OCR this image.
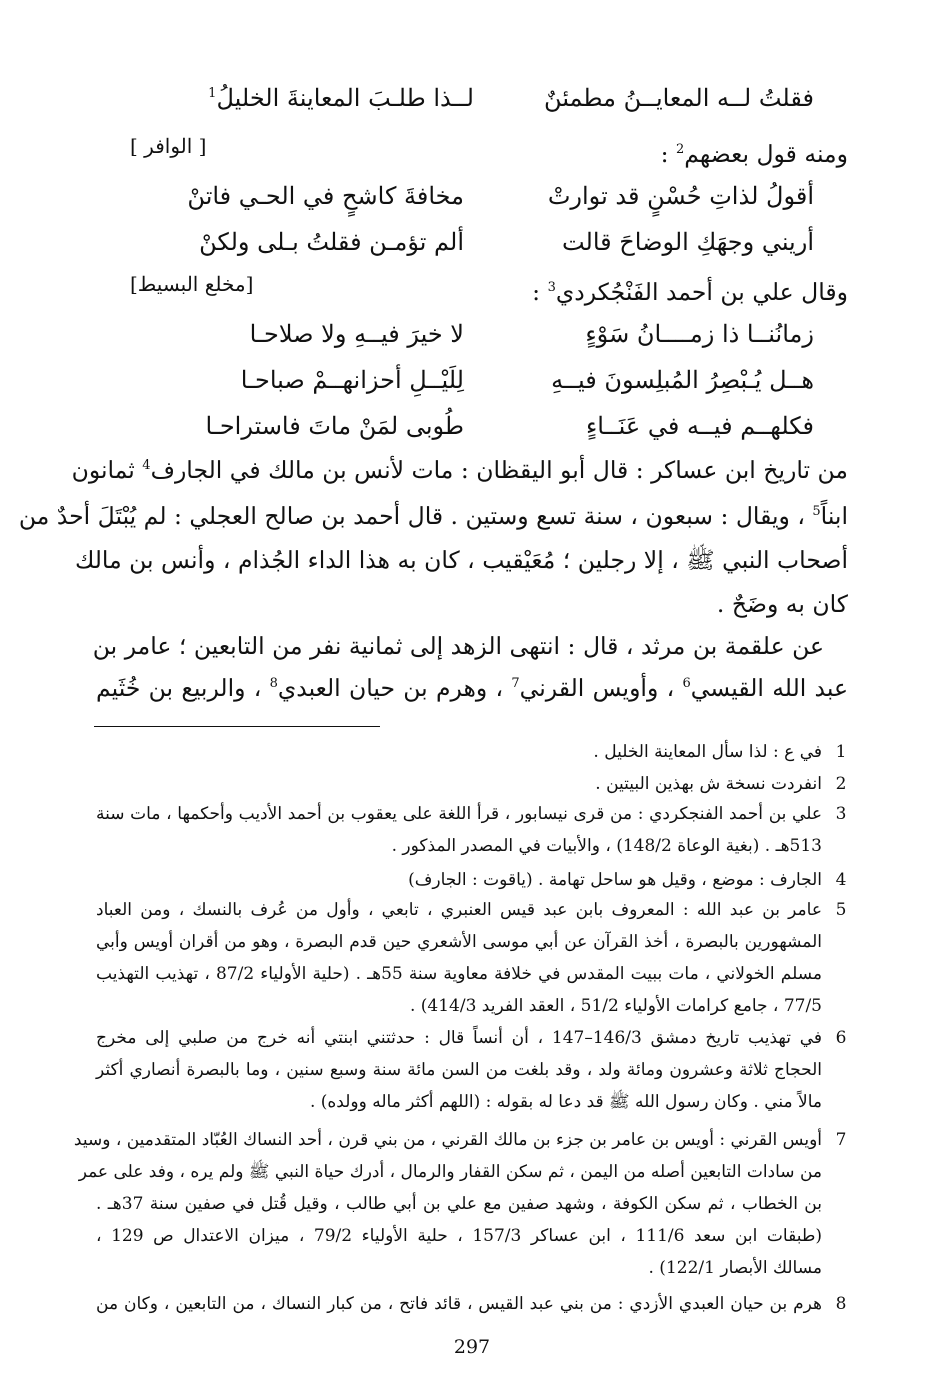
فقلتُ لــه المعايــنُ مطمئنٌ
لــذا طلـبَ المعاينةَ الخليلُ$^1$
ومنه قول بعضهم$^2$ :
[ الوافر ]
أقولُ لذاتِ حُسْنٍ قد توارتْ
مخافةَ كاشحٍ في الحـي فاتنْ
أريني وجهَكِ الوضاحَ قالت
ألم تؤمـن فقلتُ بـلى ولكنْ
وقال علي بن أحمد الفَنْجُكردي$^3$ :
[مخلع البسيط]
زمانُنــا ذا زمــــانُ سَوْءٍ
لا خيرَ فيــهِ ولا صلاحـا
هــل يُـبْصِرُ المُبلِسونَ فيــهِ
لِلَيْــلِ أحزانهــمْ صباحـا
فكلهــم فيــه في عَنَــاءٍ
طُوبى لمَنْ ماتَ فاستراحـا
من تاريخ ابن عساكر : قال أبو اليقظان : مات لأنس بن مالك في الجارف$^4$ ثمانون
ابناً$^5$ ، ويقال : سبعون ، سنة تسع وستين . قال أحمد بن صالح العجلي : لم يُبْتَلَ أحدٌ من
أصحاب النبي ﷺ ، إلا رجلين ؛ مُعَيْقيب ، كان به هذا الداء الجُذام ، وأنس بن مالك
كان به وضَحٌ .
عن علقمة بن مرثد ، قال : انتهى الزهد إلى ثمانية نفر من التابعين ؛ عامر بن
عبد الله القيسي$^6$ ، وأويس القرني$^7$ ، وهرم بن حيان العبدي$^8$ ، والربيع بن خُثَيم
1
في ع : لذا سأل المعاينة الخليل .
2
انفردت نسخة ش بهذين البيتين .
3
علي بن أحمد الفنجكردي : من قرى نيسابور ، قرأ اللغة على يعقوب بن أحمد الأديب وأحكمها ، مات سنة
513هـ . (بغية الوعاة 148/2) ، والأبيات في المصدر المذكور .
4
الجارف : موضع ، وقيل هو ساحل تهامة . (ياقوت : الجارف)
5
عامر بن عبد الله : المعروف بابن عبد قيس العنبري ، تابعي ، وأول من عُرف بالنسك ، ومن العباد
المشهورين بالبصرة ، أخذ القرآن عن أبي موسى الأشعري حين قدم البصرة ، وهو من أقران أويس وأبي
مسلم الخولاني ، مات ببيت المقدس في خلافة معاوية سنة 55هـ . (حلية الأولياء 87/2 ، تهذيب التهذيب
77/5 ، جامع كرامات الأولياء 51/2 ، العقد الفريد 414/3) .
6
في تهذيب تاريخ دمشق 146/3–147 ، أن أنساً قال : حدثتني ابنتي أنه خرج من صلبي إلى مخرج
الحجاج ثلاثة وعشرون ومائة ولد ، وقد بلغت من السن مائة سنة وسبع سنين ، وما بالبصرة أنصاري أكثر
مالاً مني . وكان رسول الله ﷺ قد دعا له بقوله : (اللهم أكثر ماله وولده) .
7
أويس القرني : أويس بن عامر بن جزء بن مالك القرني ، من بني قرن ، أحد النساك العُبّاد المتقدمين ، وسيد
من سادات التابعين أصله من اليمن ، ثم سكن القفار والرمال ، أدرك حياة النبي ﷺ ولم يره ، وفد على عمر
بن الخطاب ، ثم سكن الكوفة ، وشهد صفين مع علي بن أبي طالب ، وقيل قُتل في صفين سنة 37هـ .
(طبقات ابن سعد 111/6 ، ابن عساكر 157/3 ، حلية الأولياء 79/2 ، ميزان الاعتدال ص 129 ،
مسالك الأبصار 122/1) .
8
هرم بن حيان العبدي الأزدي : من بني عبد القيس ، قائد فاتح ، من كبار النساك ، من التابعين ، وكان من
297
